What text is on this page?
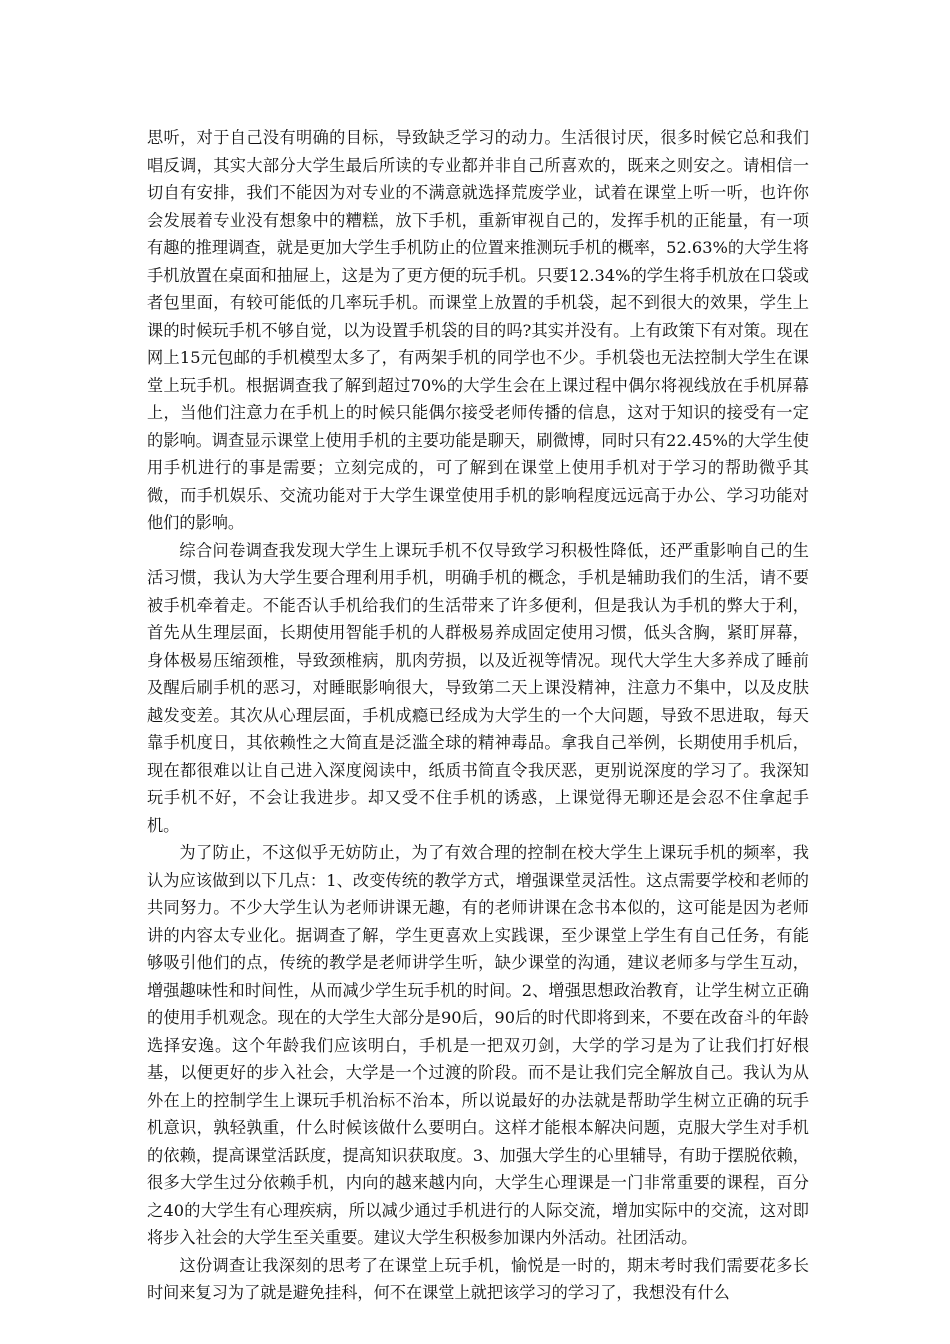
思听，对于自己没有明确的目标，导致缺乏学习的动力。生活很讨厌，很多时候它总和我们唱反调，其实大部分大学生最后所读的专业都并非自己所喜欢的，既来之则安之。请相信一切自有安排，我们不能因为对专业的不满意就选择荒废学业，试着在课堂上听一听，也许你会发展着专业没有想象中的糟糕，放下手机，重新审视自己的，发挥手机的正能量，有一项有趣的推理调查，就是更加大学生手机防止的位置来推测玩手机的概率，52.63%的大学生将手机放置在桌面和抽屉上，这是为了更方便的玩手机。只要12.34%的学生将手机放在口袋或者包里面，有较可能低的几率玩手机。而课堂上放置的手机袋，起不到很大的效果，学生上课的时候玩手机不够自觉，以为设置手机袋的目的吗?其实并没有。上有政策下有对策。现在网上15元包邮的手机模型太多了，有两架手机的同学也不少。手机袋也无法控制大学生在课堂上玩手机。根据调查我了解到超过70%的大学生会在上课过程中偶尔将视线放在手机屏幕上，当他们注意力在手机上的时候只能偶尔接受老师传播的信息，这对于知识的接受有一定的影响。调查显示课堂上使用手机的主要功能是聊天，刷微博，同时只有22.45%的大学生使用手机进行的事是需要；立刻完成的，可了解到在课堂上使用手机对于学习的帮助微乎其微，而手机娱乐、交流功能对于大学生课堂使用手机的影响程度远远高于办公、学习功能对他们的影响。

综合问卷调查我发现大学生上课玩手机不仅导致学习积极性降低，还严重影响自己的生活习惯，我认为大学生要合理利用手机，明确手机的概念，手机是辅助我们的生活，请不要被手机牵着走。不能否认手机给我们的生活带来了许多便利，但是我认为手机的弊大于利，首先从生理层面，长期使用智能手机的人群极易养成固定使用习惯，低头含胸，紧盯屏幕，身体极易压缩颈椎，导致颈椎病，肌肉劳损，以及近视等情况。现代大学生大多养成了睡前及醒后刷手机的恶习，对睡眠影响很大，导致第二天上课没精神，注意力不集中，以及皮肤越发变差。其次从心理层面，手机成瘾已经成为大学生的一个大问题，导致不思进取，每天靠手机度日，其依赖性之大简直是泛滥全球的精神毒品。拿我自己举例，长期使用手机后，现在都很难以让自己进入深度阅读中，纸质书简直令我厌恶，更别说深度的学习了。我深知玩手机不好，不会让我进步。却又受不住手机的诱惑，上课觉得无聊还是会忍不住拿起手机。

为了防止，不这似乎无妨防止，为了有效合理的控制在校大学生上课玩手机的频率，我认为应该做到以下几点：1、改变传统的教学方式，增强课堂灵活性。这点需要学校和老师的共同努力。不少大学生认为老师讲课无趣，有的老师讲课在念书本似的，这可能是因为老师讲的内容太专业化。据调查了解，学生更喜欢上实践课，至少课堂上学生有自己任务，有能够吸引他们的点，传统的教学是老师讲学生听，缺少课堂的沟通，建议老师多与学生互动，增强趣味性和时间性，从而减少学生玩手机的时间。2、增强思想政治教育，让学生树立正确的使用手机观念。现在的大学生大部分是90后，90后的时代即将到来，不要在改奋斗的年龄选择安逸。这个年龄我们应该明白，手机是一把双刃剑，大学的学习是为了让我们打好根基，以便更好的步入社会，大学是一个过渡的阶段。而不是让我们完全解放自己。我认为从外在上的控制学生上课玩手机治标不治本，所以说最好的办法就是帮助学生树立正确的玩手机意识，孰轻孰重，什么时候该做什么要明白。这样才能根本解决问题，克服大学生对手机的依赖，提高课堂活跃度，提高知识获取度。3、加强大学生的心里辅导，有助于摆脱依赖，很多大学生过分依赖手机，内向的越来越内向，大学生心理课是一门非常重要的课程，百分之40的大学生有心理疾病，所以减少通过手机进行的人际交流，增加实际中的交流，这对即将步入社会的大学生至关重要。建议大学生积极参加课内外活动。社团活动。

这份调查让我深刻的思考了在课堂上玩手机，愉悦是一时的，期末考时我们需要花多长时间来复习为了就是避免挂科，何不在课堂上就把该学习的学习了，我想没有什么
